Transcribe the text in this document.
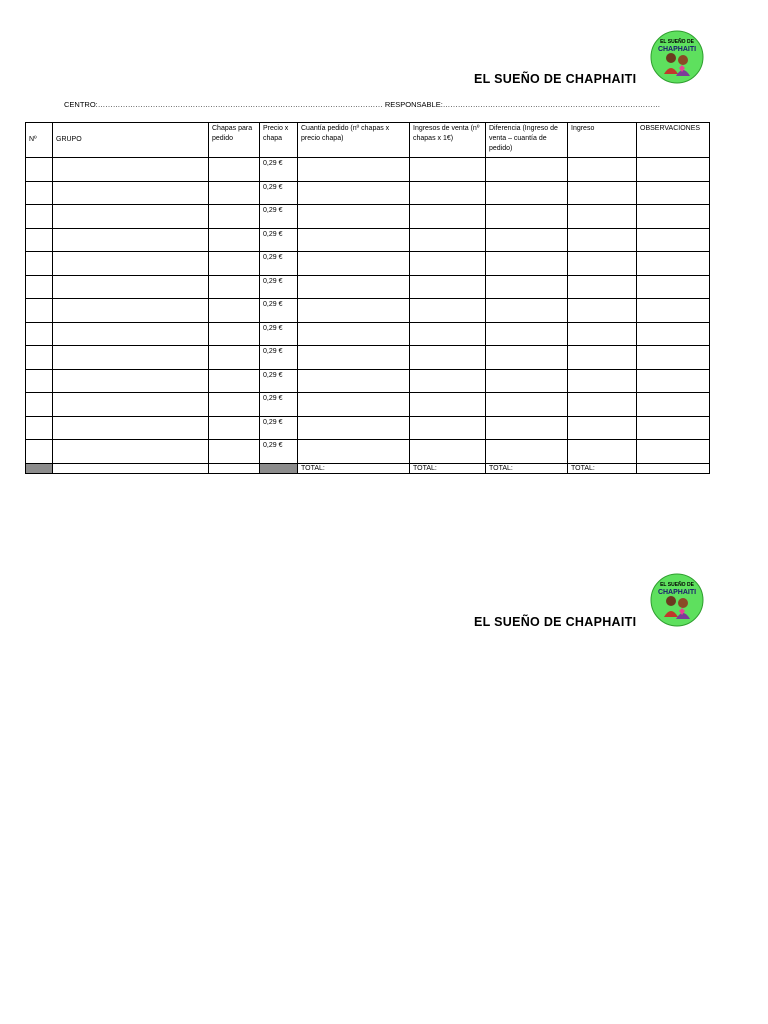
EL SUEÑO DE CHAPHAITI
EL SUEÑO DE
CHAPHAITI
CENTRO:…………………………………………………………………………………………………… RESPONSABLE:……………………………………………………………………………
Nº	GRUPO	Chapas para pedido	Precio x chapa	Cuantía pedido (nº chapas x precio chapa)	Ingresos de venta (nº chapas x 1€)	Diferencia (Ingreso de venta – cuantía de pedido)	Ingreso	OBSERVACIONES
			0,29 €					
			0,29 €					
			0,29 €					
			0,29 €					
			0,29 €					
			0,29 €					
			0,29 €					
			0,29 €					
			0,29 €					
			0,29 €					
			0,29 €					
			0,29 €					
			0,29 €					
				TOTAL:	TOTAL:	TOTAL:	TOTAL:	
EL SUEÑO DE CHAPHAITI
EL SUEÑO DE
CHAPHAITI
